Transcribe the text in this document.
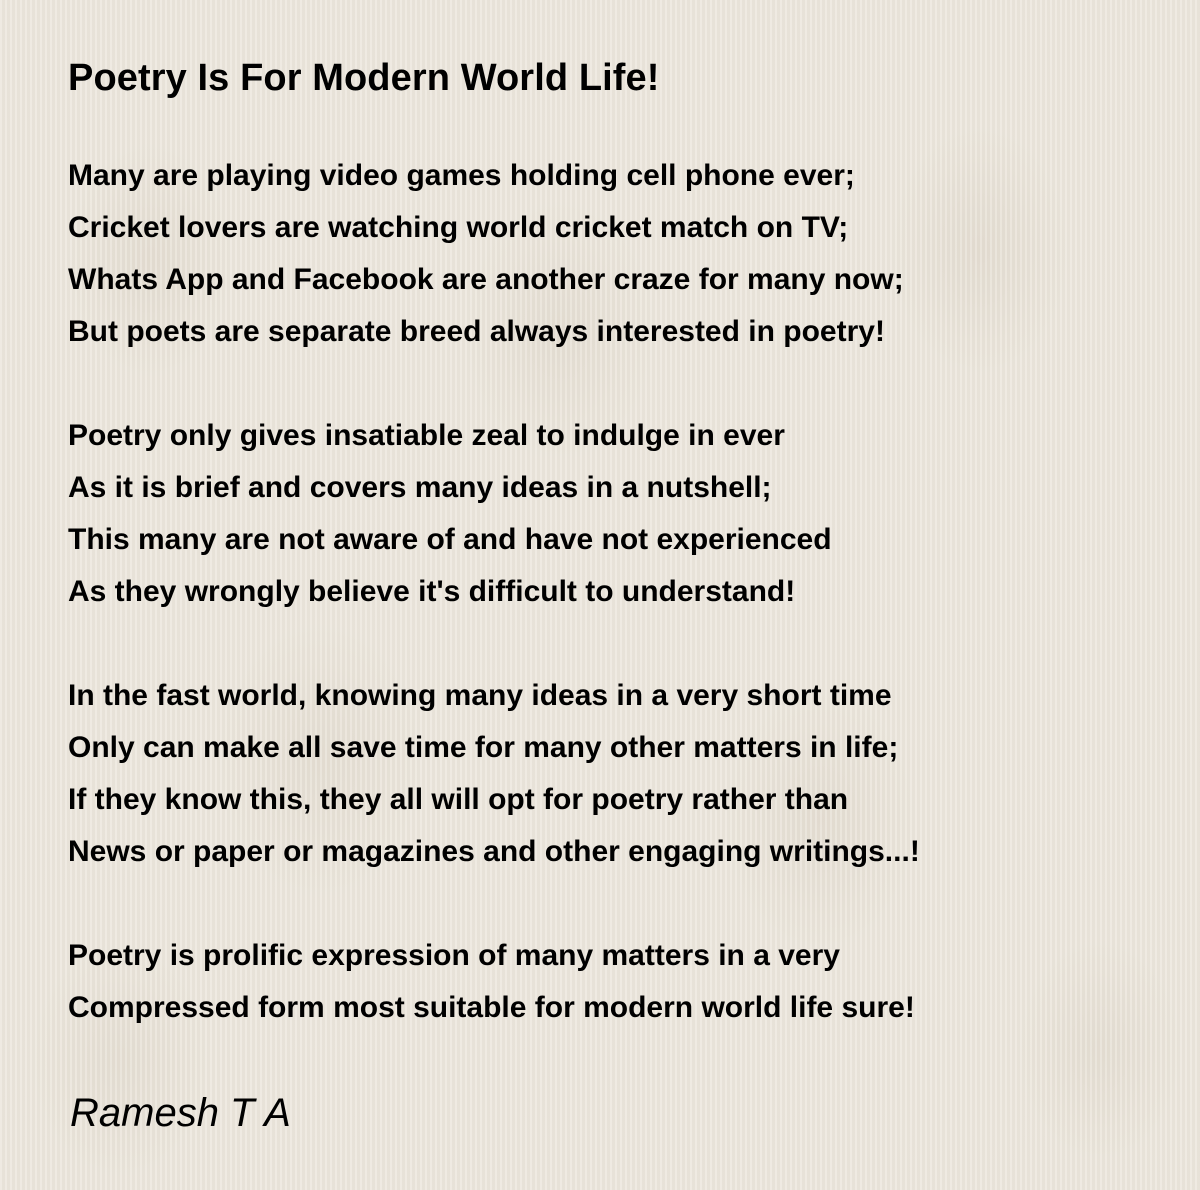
Poetry Is For Modern World Life!
Many are playing video games holding cell phone ever;
Cricket lovers are watching world cricket match on TV;
Whats App and Facebook are another craze for many now;
But poets are separate breed always interested in poetry!
Poetry only gives insatiable zeal to indulge in ever
As it is brief and covers many ideas in a nutshell;
This many are not aware of and have not experienced
As they wrongly believe it's difficult to understand!
In the fast world, knowing many ideas in a very short time
Only can make all save time for many other matters in life;
If they know this, they all will opt for poetry rather than
News or paper or magazines and other engaging writings...!
Poetry is prolific expression of many matters in a very
Compressed form most suitable for modern world life sure!
Ramesh T A
